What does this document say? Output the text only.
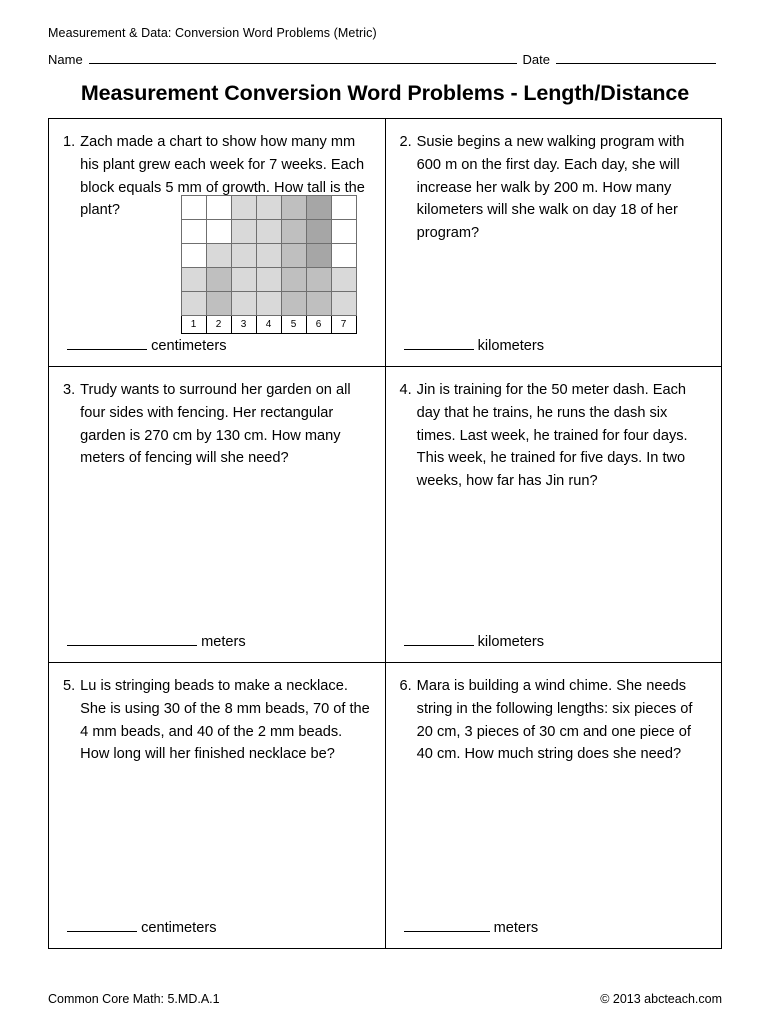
Measurement & Data: Conversion Word Problems (Metric)
Name	Date
Measurement Conversion Word Problems - Length/Distance
1. Zach made a chart to show how many mm his plant grew each week for 7 weeks. Each block equals 5 mm of growth. How tall is the plant?

1	2	3	4	5	6	7
centimeters

2. Susie begins a new walking program with 600 m on the first day. Each day, she will increase her walk by 200 m. How many kilometers will she walk on day 18 of her program?
kilometers

3. Trudy wants to surround her garden on all four sides with fencing. Her rectangular garden is 270 cm by 130 cm. How many meters of fencing will she need?
meters

4. Jin is training for the 50 meter dash. Each day that he trains, he runs the dash six times. Last week, he trained for four days. This week, he trained for five days. In two weeks, how far has Jin run?
kilometers

5. Lu is stringing beads to make a necklace. She is using 30 of the 8 mm beads, 70 of the 4 mm beads, and 40 of the 2 mm beads. How long will her finished necklace be?
centimeters

6. Mara is building a wind chime. She needs string in the following lengths: six pieces of 20 cm, 3 pieces of 30 cm and one piece of 40 cm. How much string does she need?
meters
Common Core Math: 5.MD.A.1	© 2013 abcteach.com
